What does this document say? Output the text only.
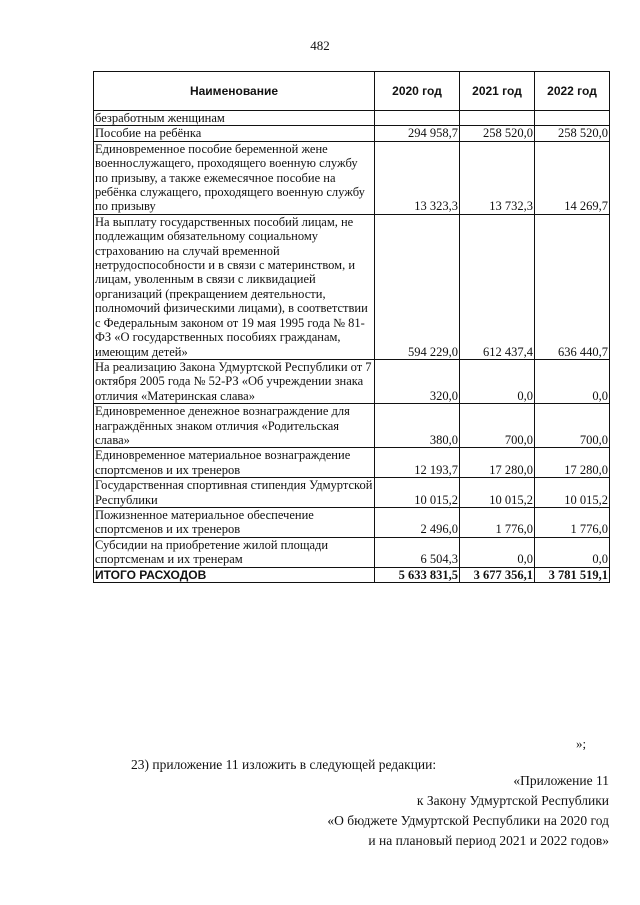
482
Наименование	2020 год	2021 год	2022 год
безработным женщинам			
Пособие на ребёнка	294 958,7	258 520,0	258 520,0
Единовременное пособие беременной жене военнослужащего, проходящего военную службу по призыву, а также ежемесячное пособие на ребёнка служащего, проходящего военную службу по призыву	13 323,3	13 732,3	14 269,7
На выплату государственных пособий лицам, не подлежащим обязательному социальному страхованию на случай временной нетрудоспособности и в связи с материнством, и лицам, уволенным в связи с ликвидацией организаций (прекращением деятельности, полномочий физическими лицами), в соответствии с Федеральным законом от 19 мая 1995 года № 81-ФЗ «О государственных пособиях гражданам, имеющим детей»	594 229,0	612 437,4	636 440,7
На реализацию Закона Удмуртской Республики от 7 октября 2005 года № 52-РЗ «Об учреждении знака отличия «Материнская слава»	320,0	0,0	0,0
Единовременное денежное вознаграждение для награждённых знаком отличия «Родительская слава»	380,0	700,0	700,0
Единовременное материальное вознаграждение спортсменов и их тренеров	12 193,7	17 280,0	17 280,0
Государственная спортивная стипендия Удмуртской Республики	10 015,2	10 015,2	10 015,2
Пожизненное материальное обеспечение спортсменов и их тренеров	2 496,0	1 776,0	1 776,0
Субсидии на приобретение жилой площади спортсменам и их тренерам	6 504,3	0,0	0,0
ИТОГО РАСХОДОВ	5 633 831,5	3 677 356,1	3 781 519,1
»;
23) приложение 11 изложить в следующей редакции:
«Приложение 11
к Закону Удмуртской Республики
«О бюджете Удмуртской Республики на 2020 год
и на плановый период 2021 и 2022 годов»
